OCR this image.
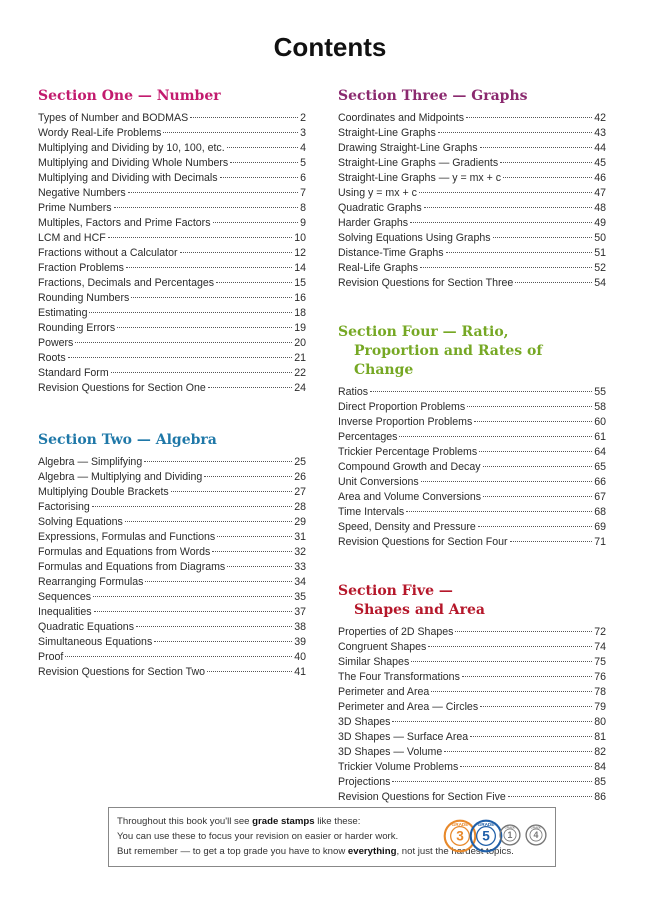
Contents
Section One — Number
Types of Number and BODMAS	2
Wordy Real-Life Problems	3
Multiplying and Dividing by 10, 100, etc.	4
Multiplying and Dividing Whole Numbers	5
Multiplying and Dividing with Decimals	6
Negative Numbers	7
Prime Numbers	8
Multiples, Factors and Prime Factors	9
LCM and HCF	10
Fractions without a Calculator	12
Fraction Problems	14
Fractions, Decimals and Percentages	15
Rounding Numbers	16
Estimating	18
Rounding Errors	19
Powers	20
Roots	21
Standard Form	22
Revision Questions for Section One	24
Section Two — Algebra
Algebra — Simplifying	25
Algebra — Multiplying and Dividing	26
Multiplying Double Brackets	27
Factorising	28
Solving Equations	29
Expressions, Formulas and Functions	31
Formulas and Equations from Words	32
Formulas and Equations from Diagrams	33
Rearranging Formulas	34
Sequences	35
Inequalities	37
Quadratic Equations	38
Simultaneous Equations	39
Proof	40
Revision Questions for Section Two	41
Section Three — Graphs
Coordinates and Midpoints	42
Straight-Line Graphs	43
Drawing Straight-Line Graphs	44
Straight-Line Graphs — Gradients	45
Straight-Line Graphs — y = mx + c	46
Using y = mx + c	47
Quadratic Graphs	48
Harder Graphs	49
Solving Equations Using Graphs	50
Distance-Time Graphs	51
Real-Life Graphs	52
Revision Questions for Section Three	54
Section Four — Ratio,
Proportion and Rates of Change
Ratios	55
Direct Proportion Problems	58
Inverse Proportion Problems	60
Percentages	61
Trickier Percentage Problems	64
Compound Growth and Decay	65
Unit Conversions	66
Area and Volume Conversions	67
Time Intervals	68
Speed, Density and Pressure	69
Revision Questions for Section Four	71
Section Five —
Shapes and Area
Properties of 2D Shapes	72
Congruent Shapes	74
Similar Shapes	75
The Four Transformations	76
Perimeter and Area	78
Perimeter and Area — Circles	79
3D Shapes	80
3D Shapes — Surface Area	81
3D Shapes — Volume	82
Trickier Volume Problems	84
Projections	85
Revision Questions for Section Five	86

Throughout this book you'll see grade stamps like these:

You can use these to focus your revision on easier or harder work.

But remember — to get a top grade you have to know everything, not just the hardest topics.

GRADE
3
GRADE
5
GRADE
1
GRADE
4
